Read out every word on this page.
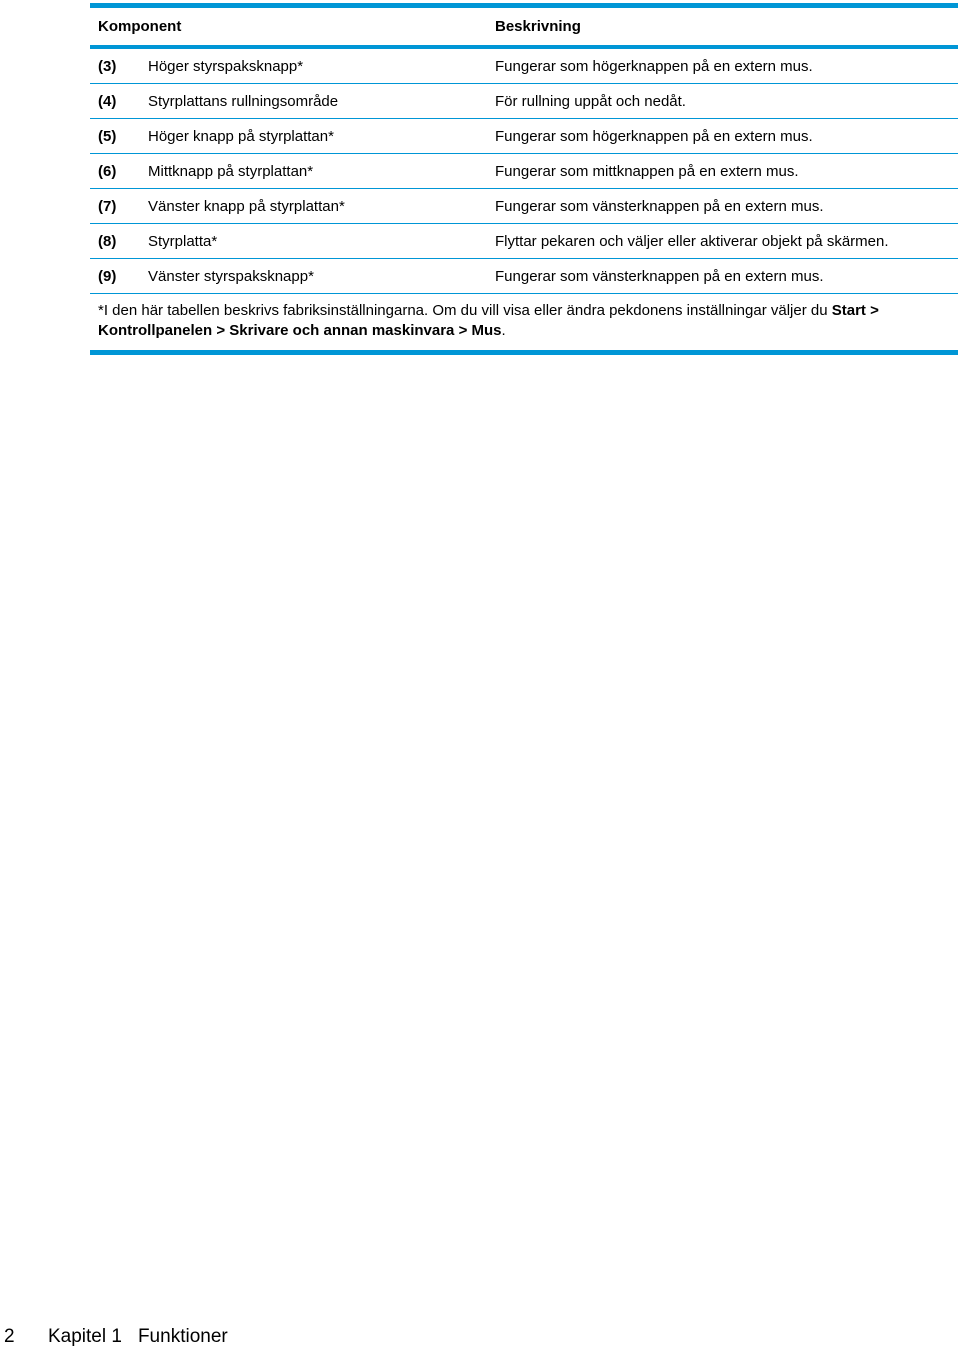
Komponent	Beskrivning
(3)	Höger styrspaksknapp*	Fungerar som högerknappen på en extern mus.
(4)	Styrplattans rullningsområde	För rullning uppåt och nedåt.
(5)	Höger knapp på styrplattan*	Fungerar som högerknappen på en extern mus.
(6)	Mittknapp på styrplattan*	Fungerar som mittknappen på en extern mus.
(7)	Vänster knapp på styrplattan*	Fungerar som vänsterknappen på en extern mus.
(8)	Styrplatta*	Flyttar pekaren och väljer eller aktiverar objekt på skärmen.
(9)	Vänster styrspaksknapp*	Fungerar som vänsterknappen på en extern mus.
*I den här tabellen beskrivs fabriksinställningarna. Om du vill visa eller ändra pekdonens inställningar väljer du Start > Kontrollpanelen > Skrivare och annan maskinvara > Mus.
2	Kapitel 1 Funktioner
